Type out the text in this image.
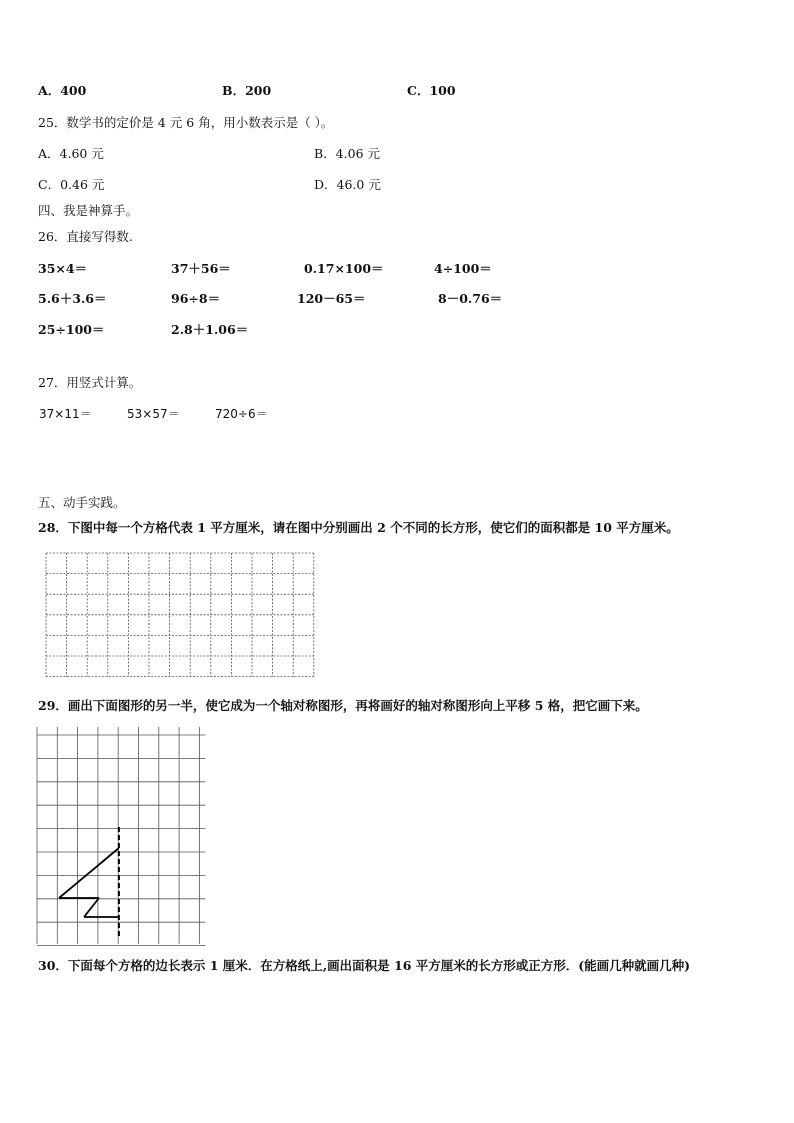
A．400	B．200	C．100
25．数学书的定价是 4 元 6 角，用小数表示是（ ）。
A．4.60 元	B．4.06 元
C．0.46 元	D．46.0 元
四、我是神算手。
26．直接写得数.
35×4＝	37＋56＝	0.17×100＝	4÷100＝
5.6＋3.6＝	96÷8＝	120－65＝	8－0.76＝
25÷100＝	2.8＋1.06＝
27．用竖式计算。
37×11＝	53×57＝	720÷6＝
五、动手实践。
28．下图中每一个方格代表 1 平方厘米，请在图中分别画出 2 个不同的长方形，使它们的面积都是 10 平方厘米。
29．画出下面图形的另一半，使它成为一个轴对称图形，再将画好的轴对称图形向上平移 5 格，把它画下来。
30．下面每个方格的边长表示 1 厘米．在方格纸上,画出面积是 16 平方厘米的长方形或正方形．(能画几种就画几种)
